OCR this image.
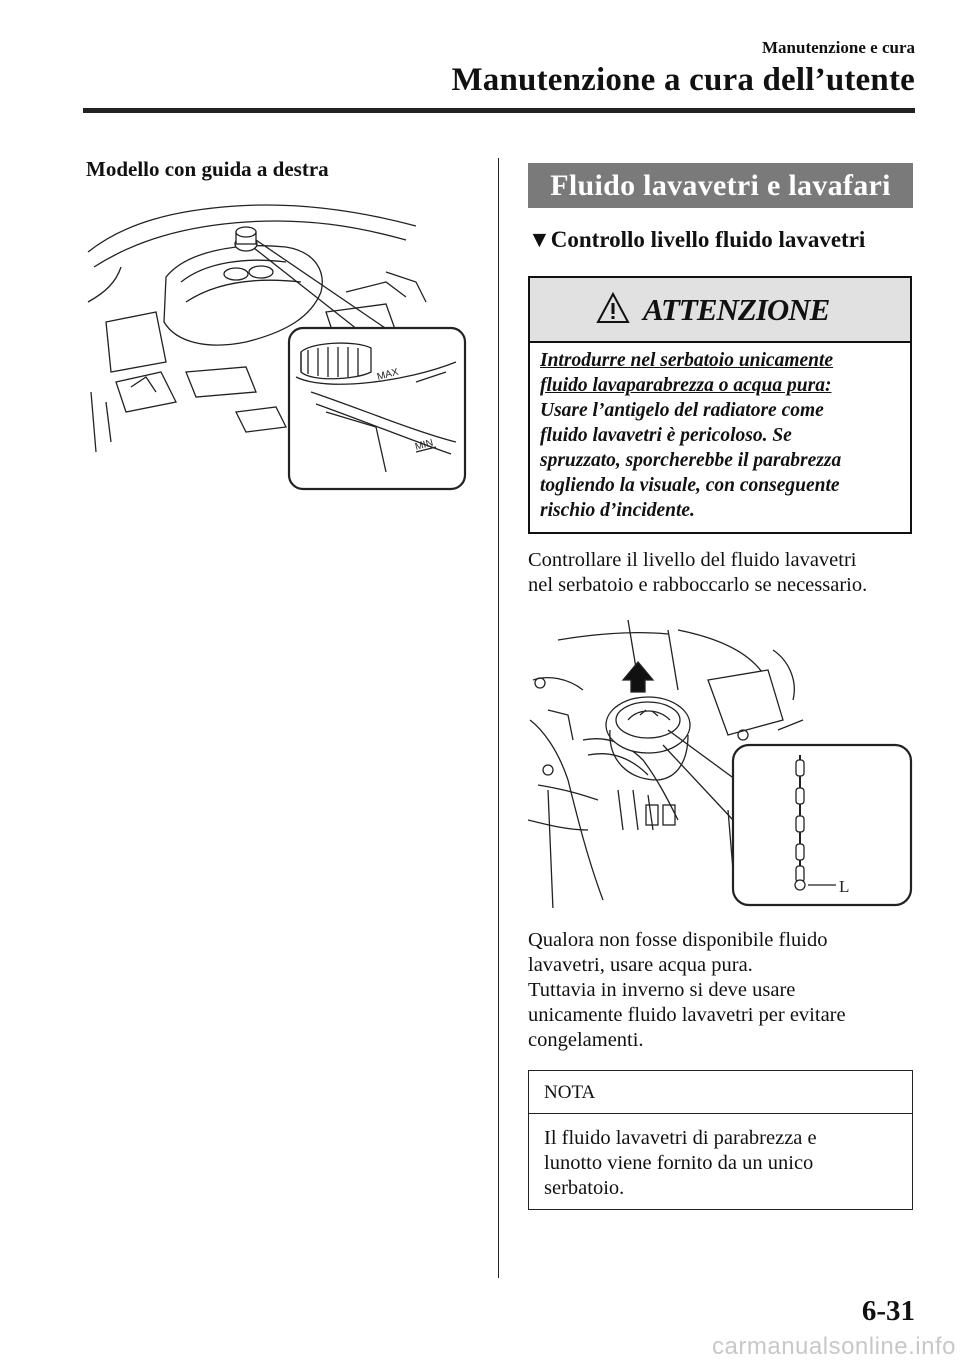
Manutenzione e cura
Manutenzione a cura dell’utente
Modello con guida a destra
MAX
MIN
Fluido lavavetri e lavafari
▼Controllo livello fluido lavavetri
ATTENZIONE
Introdurre nel serbatoio unicamente
fluido lavaparabrezza o acqua pura:
Usare l’antigelo del radiatore come
fluido lavavetri è pericoloso. Se
spruzzato, sporcherebbe il parabrezza
togliendo la visuale, con conseguente
rischio d’incidente.
Controllare il livello del fluido lavavetri
nel serbatoio e rabboccarlo se necessario.
L
Qualora non fosse disponibile fluido
lavavetri, usare acqua pura.
Tuttavia in inverno si deve usare
unicamente fluido lavavetri per evitare
congelamenti.
NOTA
Il fluido lavavetri di parabrezza e
lunotto viene fornito da un unico
serbatoio.
6-31
carmanualsonline.info
